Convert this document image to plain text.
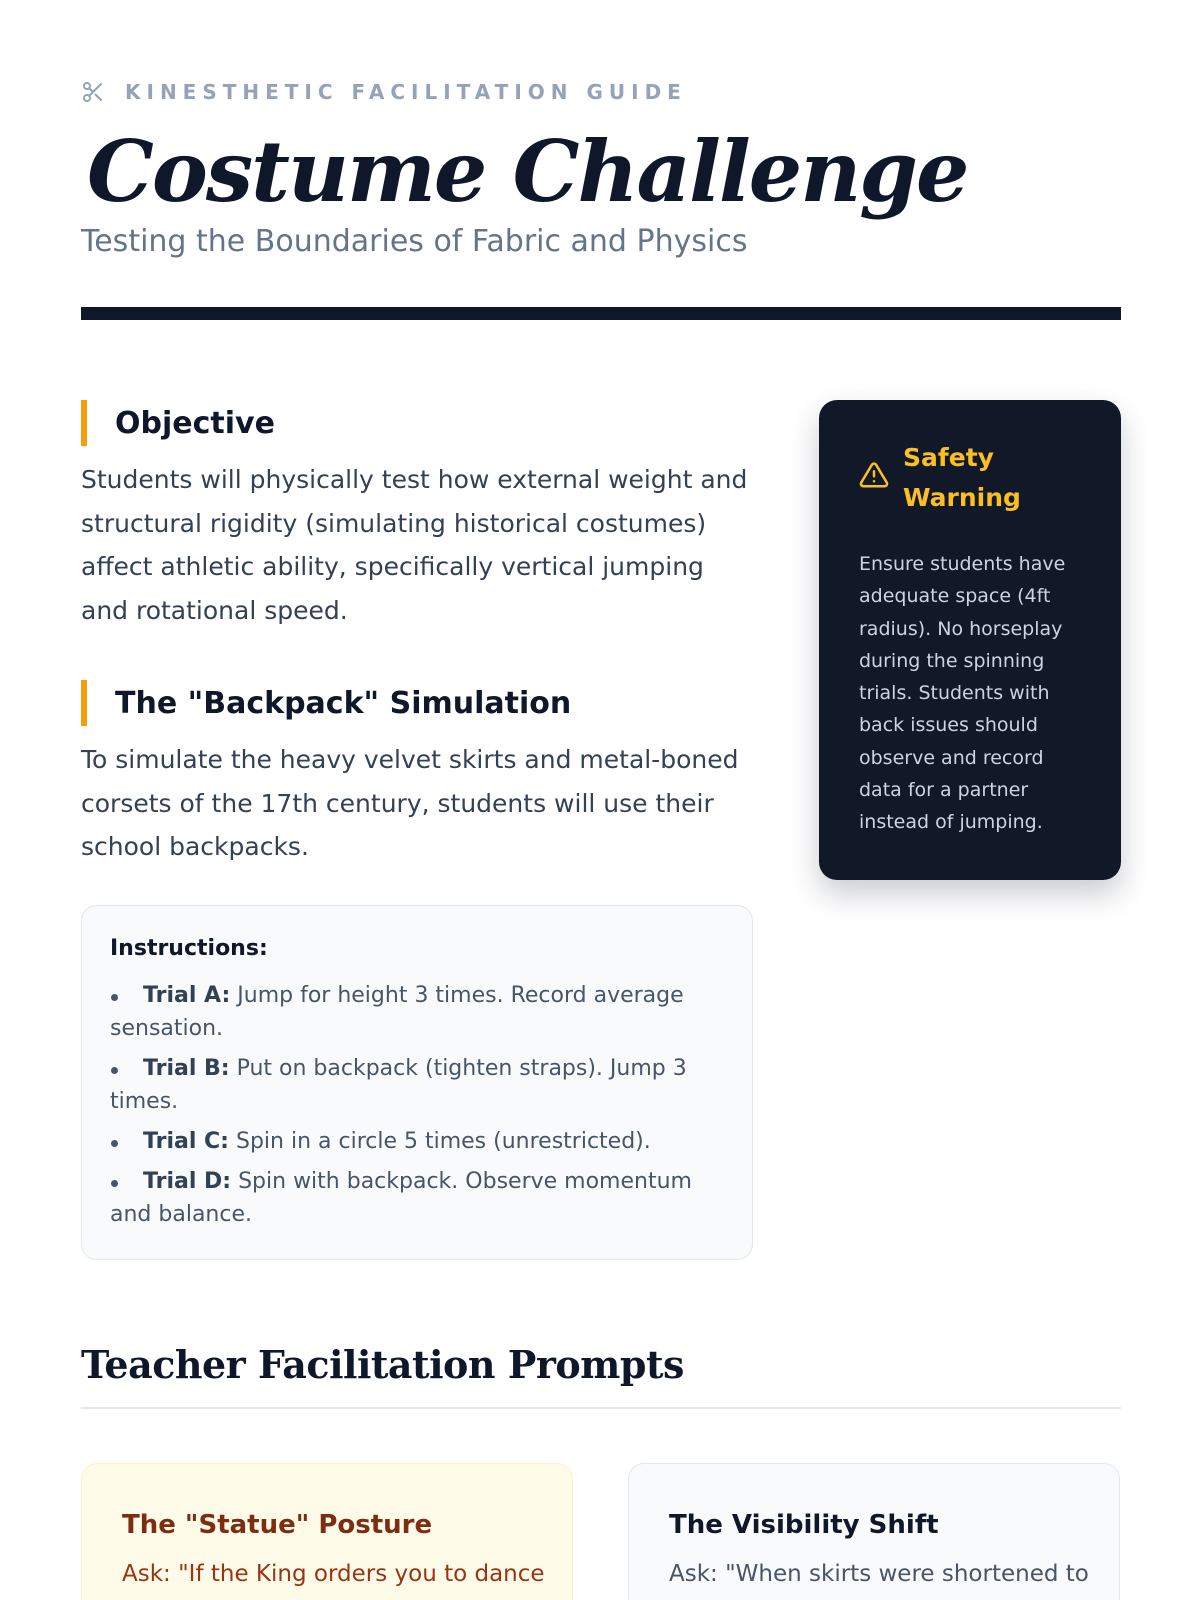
KINESTHETIC FACILITATION GUIDE
Costume Challenge
Testing the Boundaries of Fabric and Physics
Objective

Students will physically test how external weight and structural rigidity (simulating historical costumes) affect athletic ability, specifically vertical jumping and rotational speed.

The "Backpack" Simulation

To simulate the heavy velvet skirts and metal-boned corsets of the 17th century, students will use their school backpacks.

Instructions:
Trial A: Jump for height 3 times. Record average sensation.
Trial B: Put on backpack (tighten straps). Jump 3 times.
Trial C: Spin in a circle 5 times (unrestricted).
Trial D: Spin with backpack. Observe momentum and balance.
Safety Warning

Ensure students have adequate space (4ft radius). No horseplay during the spinning trials. Students with back issues should observe and record data for a partner instead of jumping.

Teacher Facilitation Prompts
The "Statue" Posture

Ask: "If the King orders you to dance

The Visibility Shift

Ask: "When skirts were shortened to
